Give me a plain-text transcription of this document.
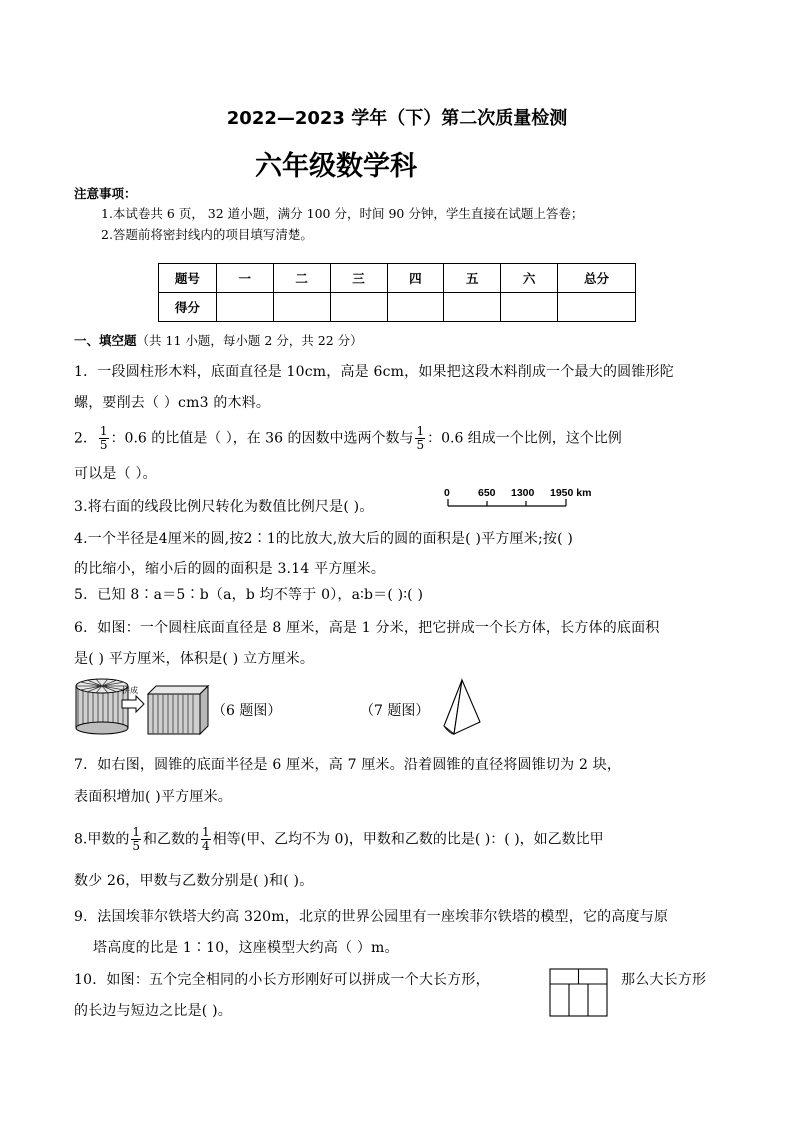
2022—2023 学年（下）第二次质量检测
六年级数学科
注意事项：
1.本试卷共 6 页， 32 道小题，满分 100 分，时间 90 分钟，学生直接在试题上答卷；
2.答题前将密封线内的项目填写清楚。
题号	一	二	三	四	五	六	总分
得分							
一、填空题（共 11 小题，每小题 2 分，共 22 分）
1．一段圆柱形木料，底面直径是 10cm，高是 6cm，如果把这段木料削成一个最大的圆锥形陀
螺，要削去（ ）cm3 的木料。
2． $\frac{1}{5}$ ：0.6 的比值是（ ），在 36 的因数中选两个数与 $\frac{1}{5}$ ：0.6 组成一个比例，这个比例
可以是（ ）。
3.将右面的线段比例尺转化为数值比例尺是( )。
0	650 1300 1950 km
4.一个半径是4厘米的圆,按2∶1的比放大,放大后的圆的面积是( )平方厘米;按( )
的比缩小，缩小后的圆的面积是 3.14 平方厘米。
5．已知 8∶a＝5∶b（a，b 均不等于 0），a∶b＝( )∶( )
6．如图：一个圆柱底面直径是 8 厘米，高是 1 分米，把它拼成一个长方体，长方体的底面积
是( ) 平方厘米，体积是( ) 立方厘米。
拼成
（6 题图）	（7 题图）
7．如右图，圆锥的底面半径是 6 厘米，高 7 厘米。沿着圆锥的直径将圆锥切为 2 块，
表面积增加( )平方厘米。
8.甲数的 $\frac{1}{5}$ 和乙数的 $\frac{1}{4}$ 相等(甲、乙均不为 0)，甲数和乙数的比是( )：( )，如乙数比甲
数少 26，甲数与乙数分别是( )和( )。
9．法国埃菲尔铁塔大约高 320m，北京的世界公园里有一座埃菲尔铁塔的模型，它的高度与原
塔高度的比是 1∶10，这座模型大约高（ ）m。
10．如图：五个完全相同的小长方形刚好可以拼成一个大长方形，	那么大长方形
的长边与短边之比是( )。
